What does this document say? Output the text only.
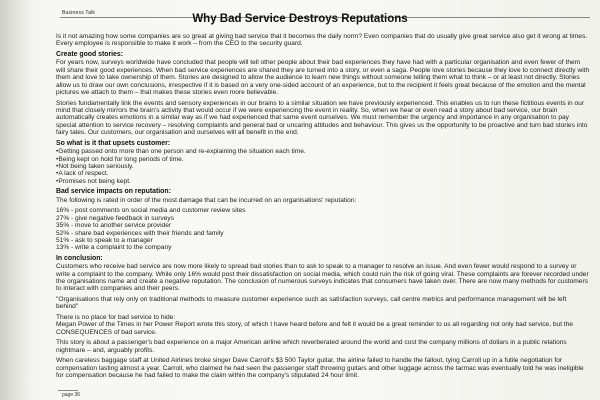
Business Talk	Why Bad Service Destroys Reputations

Is it not amazing how some companies are so great at giving bad service that it becomes the daily norm? Even companies that do usually give great service also get it wrong at times. Every employee is responsible to make it work – from the CEO to the security guard.

Create good stories:

For years now, surveys worldwide have concluded that people will tell other people about their bad experiences they have had with a particular organisation and even fewer of them will share their good experiences. When bad service experiences are shared they are turned into a story, or even a saga. People love stories because they love to connect directly with them and love to take ownership of them. Stories are designed to allow the audience to learn new things without someone telling them what to think – or at least not directly. Stories allow us to draw our own conclusions, irrespective if it is based on a very one-sided account of an experience, but to the recipient it feels great because of the emotion and the mental pictures we attach to them – that makes these stories even more believable.

Stories fundamentally link the events and sensory experiences in our brains to a similar situation we have previously experienced. This enables us to run these fictitious events in our mind that closely mirrors the brain's activity that would occur if we were experiencing the event in reality. So, when we hear or even read a story about bad service, our brain automatically creates emotions in a similar way as if we had experienced that same event ourselves. We must remember the urgency and importance in any organisation to pay special attention to service recovery – resolving complaints and general bad or uncaring attitudes and behaviour. This gives us the opportunity to be proactive and turn bad stories into fairy tales. Our customers, our organisation and ourselves will all benefit in the end.

So what is it that upsets customer:
• Getting passed onto more than one person and re-explaining the situation each time.
• Being kept on hold for long periods of time.
• Not being taken seriously.
• A lack of respect.
• Promises not being kept.
Bad service impacts on reputation:

The following is rated in order of the most damage that can be incurred on an organisations' reputation:

16% - post comments on social media and customer review sites
27% - give negative feedback in surveys
35% - move to another service provider
52% - share bad experiences with their friends and family
51% - ask to speak to a manager
13% - write a complaint to the company
In conclusion:

Customers who receive bad service are now more likely to spread bad stories than to ask to speak to a manager to resolve an issue. And even fewer would respond to a survey or write a complaint to the company. While only 16% would post their dissatisfaction on social media, which could ruin the risk of going viral. These complaints are forever recorded under the organisations name and create a negative reputation. The conclusion of numerous surveys indicates that consumers have taken over. There are now many methods for customers to interact with companies and their peers.

"Organisations that rely only on traditional methods to measure customer experience such as satisfaction surveys, call centre metrics and performance management will be left behind"

There is no place for bad service to hide:

Megan Power of the Times in her Power Report wrote this story, of which I have heard before and felt it would be a great reminder to us all regarding not only bad service, but the CONSEQUENCES of bad service.

This story is about a passenger's bad experience on a major American airline which reverberated around the world and cost the company millions of dollars in a public relations nightmare – and, arguably profits.

When careless baggage staff at United Airlines broke singer Dave Carroll's $3 500 Taylor guitar, the airline failed to handle the fallout, tying Carroll up in a futile negotiation for compensation lasting almost a year. Carroll, who claimed he had seen the passenger staff throwing guitars and other luggage across the tarmac was eventually told he was ineligible for compensation because he had failed to make the claim within the company's stipulated 24 hour limit.

page 36
